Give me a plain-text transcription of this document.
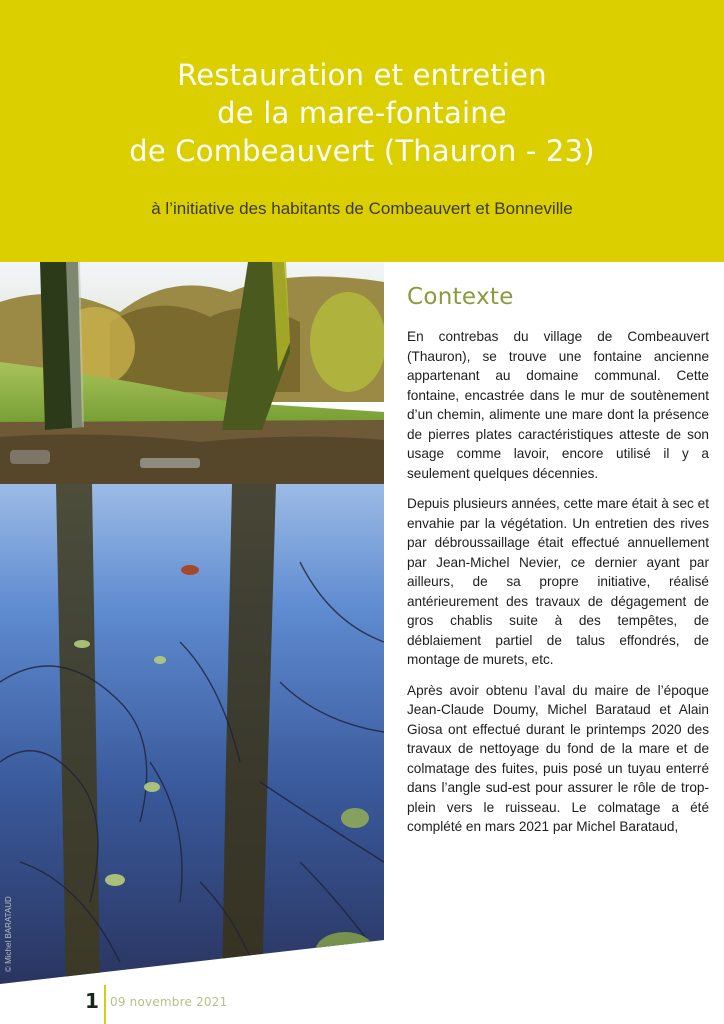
Restauration et entretien
de la mare-fontaine
de Combeauvert (Thauron - 23)
à l’initiative des habitants de Combeauvert et Bonneville
© Michel BARATAUD
Contexte

En contrebas du village de Combeauvert (Thauron), se trouve une fontaine ancienne appartenant au domaine communal. Cette fontaine, encastrée dans le mur de soutènement d’un chemin, alimente une mare dont la présence de pierres plates caractéristiques atteste de son usage comme lavoir, encore utilisé il y a seulement quelques décennies.

Depuis plusieurs années, cette mare était à sec et envahie par la végétation. Un entretien des rives par débroussaillage était effectué annuellement par Jean-Michel Nevier, ce dernier ayant par ailleurs, de sa propre initiative, réalisé antérieurement des travaux de dégagement de gros chablis suite à des tempêtes, de déblaiement partiel de talus effondrés, de montage de murets, etc.

Après avoir obtenu l’aval du maire de l’époque Jean-Claude Doumy, Michel Barataud et Alain Giosa ont effectué durant le printemps 2020 des travaux de nettoyage du fond de la mare et de colmatage des fuites, puis posé un tuyau enterré dans l’angle sud-est pour assurer le rôle de trop-plein vers le ruisseau. Le colmatage a été complété en mars 2021 par Michel Barataud,

1 09 novembre 2021
